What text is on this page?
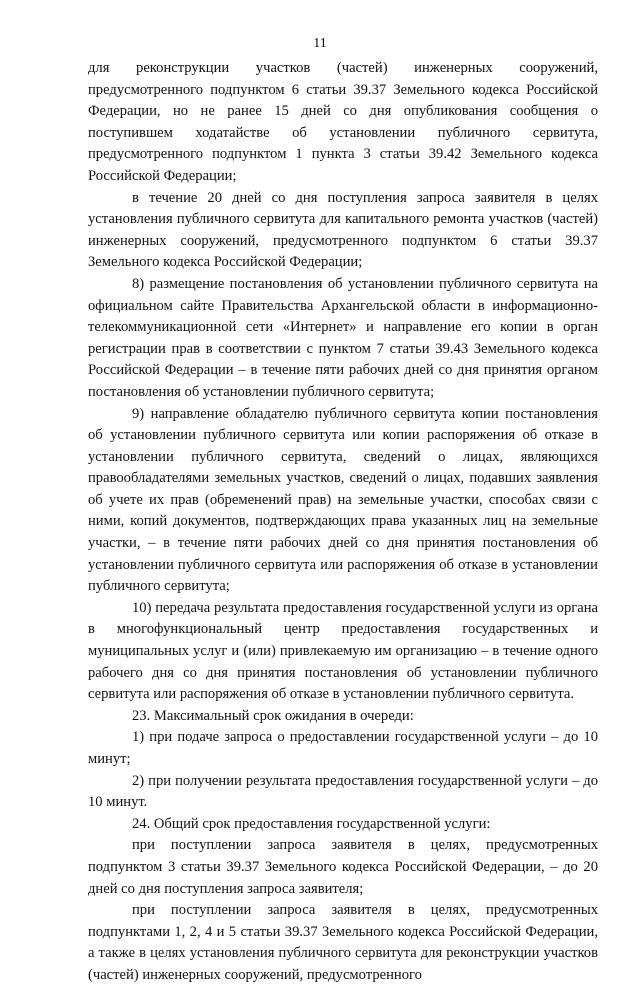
11

для реконструкции участков (частей) инженерных сооружений, предусмотренного подпунктом 6 статьи 39.37 Земельного кодекса Российской Федерации, но не ранее 15 дней со дня опубликования сообщения о поступившем ходатайстве об установлении публичного сервитута, предусмотренного подпунктом 1 пункта 3 статьи 39.42 Земельного кодекса Российской Федерации;

в течение 20 дней со дня поступления запроса заявителя в целях установления публичного сервитута для капитального ремонта участков (частей) инженерных сооружений, предусмотренного подпунктом 6 статьи 39.37 Земельного кодекса Российской Федерации;

8) размещение постановления об установлении публичного сервитута на официальном сайте Правительства Архангельской области в информационно-телекоммуникационной сети «Интернет» и направление его копии в орган регистрации прав в соответствии с пунктом 7 статьи 39.43 Земельного кодекса Российской Федерации – в течение пяти рабочих дней со дня принятия органом постановления об установлении публичного сервитута;

9) направление обладателю публичного сервитута копии постановления об установлении публичного сервитута или копии распоряжения об отказе в установлении публичного сервитута, сведений о лицах, являющихся правообладателями земельных участков, сведений о лицах, подавших заявления об учете их прав (обременений прав) на земельные участки, способах связи с ними, копий документов, подтверждающих права указанных лиц на земельные участки, – в течение пяти рабочих дней со дня принятия постановления об установлении публичного сервитута или распоряжения об отказе в установлении публичного сервитута;

10) передача результата предоставления государственной услуги из органа в многофункциональный центр предоставления государственных и муниципальных услуг и (или) привлекаемую им организацию – в течение одного рабочего дня со дня принятия постановления об установлении публичного сервитута или распоряжения об отказе в установлении публичного сервитута.

23. Максимальный срок ожидания в очереди:

1) при подаче запроса о предоставлении государственной услуги – до 10 минут;

2) при получении результата предоставления государственной услуги – до 10 минут.

24. Общий срок предоставления государственной услуги:

при поступлении запроса заявителя в целях, предусмотренных подпунктом 3 статьи 39.37 Земельного кодекса Российской Федерации, – до 20 дней со дня поступления запроса заявителя;

при поступлении запроса заявителя в целях, предусмотренных подпунктами 1, 2, 4 и 5 статьи 39.37 Земельного кодекса Российской Федерации, а также в целях установления публичного сервитута для реконструкции участков (частей) инженерных сооружений, предусмотренного
